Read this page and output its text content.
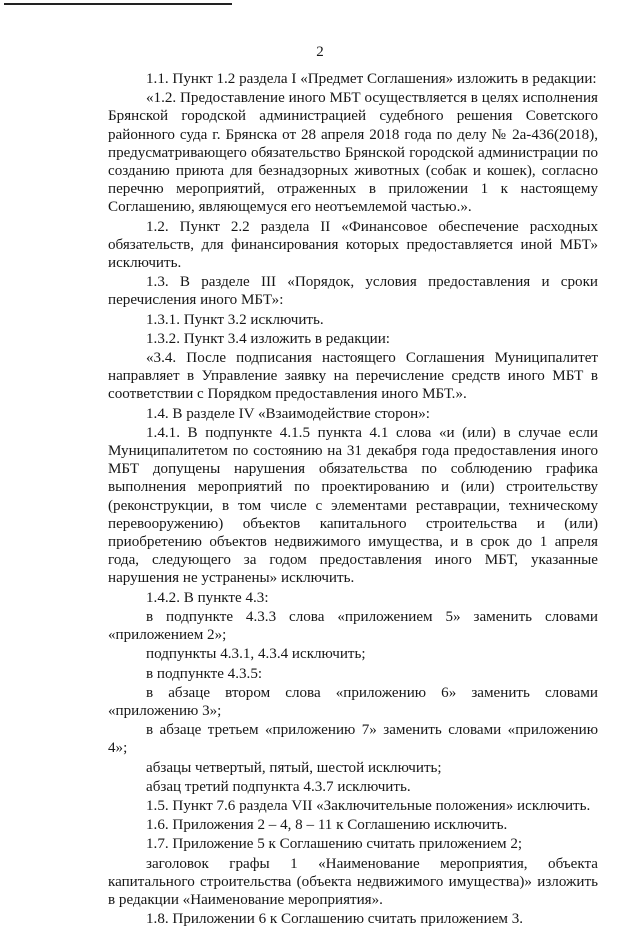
2

1.1. Пункт 1.2 раздела I «Предмет Соглашения» изложить в редакции:

«1.2. Предоставление иного МБТ осуществляется в целях исполнения Брянской городской администрацией судебного решения Советского районного суда г. Брянска от 28 апреля 2018 года по делу № 2а-436(2018), предусматривающего обязательство Брянской городской администрации по созданию приюта для безнадзорных животных (собак и кошек), согласно перечню мероприятий, отраженных в приложении 1 к настоящему Соглашению, являющемуся его неотъемлемой частью.».

1.2. Пункт 2.2 раздела II «Финансовое обеспечение расходных обязательств, для финансирования которых предоставляется иной МБТ» исключить.

1.3. В разделе III «Порядок, условия предоставления и сроки перечисления иного МБТ»:

1.3.1. Пункт 3.2 исключить.

1.3.2. Пункт 3.4 изложить в редакции:

«3.4. После подписания настоящего Соглашения Муниципалитет направляет в Управление заявку на перечисление средств иного МБТ в соответствии с Порядком предоставления иного МБТ.».

1.4. В разделе IV «Взаимодействие сторон»:

1.4.1. В подпункте 4.1.5 пункта 4.1 слова «и (или) в случае если Муниципалитетом по состоянию на 31 декабря года предоставления иного МБТ допущены нарушения обязательства по соблюдению графика выполнения мероприятий по проектированию и (или) строительству (реконструкции, в том числе с элементами реставрации, техническому перевооружению) объектов капитального строительства и (или) приобретению объектов недвижимого имущества, и в срок до 1 апреля года, следующего за годом предоставления иного МБТ, указанные нарушения не устранены» исключить.

1.4.2. В пункте 4.3:

в подпункте 4.3.3 слова «приложением 5» заменить словами «приложением 2»;

подпункты 4.3.1, 4.3.4 исключить;

в подпункте 4.3.5:

в абзаце втором слова «приложению 6» заменить словами «приложению 3»;

в абзаце третьем «приложению 7» заменить словами «приложению 4»;

абзацы четвертый, пятый, шестой исключить;

абзац третий подпункта 4.3.7 исключить.

1.5. Пункт 7.6 раздела VII «Заключительные положения» исключить.

1.6. Приложения 2 – 4, 8 – 11 к Соглашению исключить.

1.7. Приложение 5 к Соглашению считать приложением 2;

заголовок графы 1 «Наименование мероприятия, объекта капитального строительства (объекта недвижимого имущества)» изложить в редакции «Наименование мероприятия».

1.8. Приложении 6 к Соглашению считать приложением 3.
